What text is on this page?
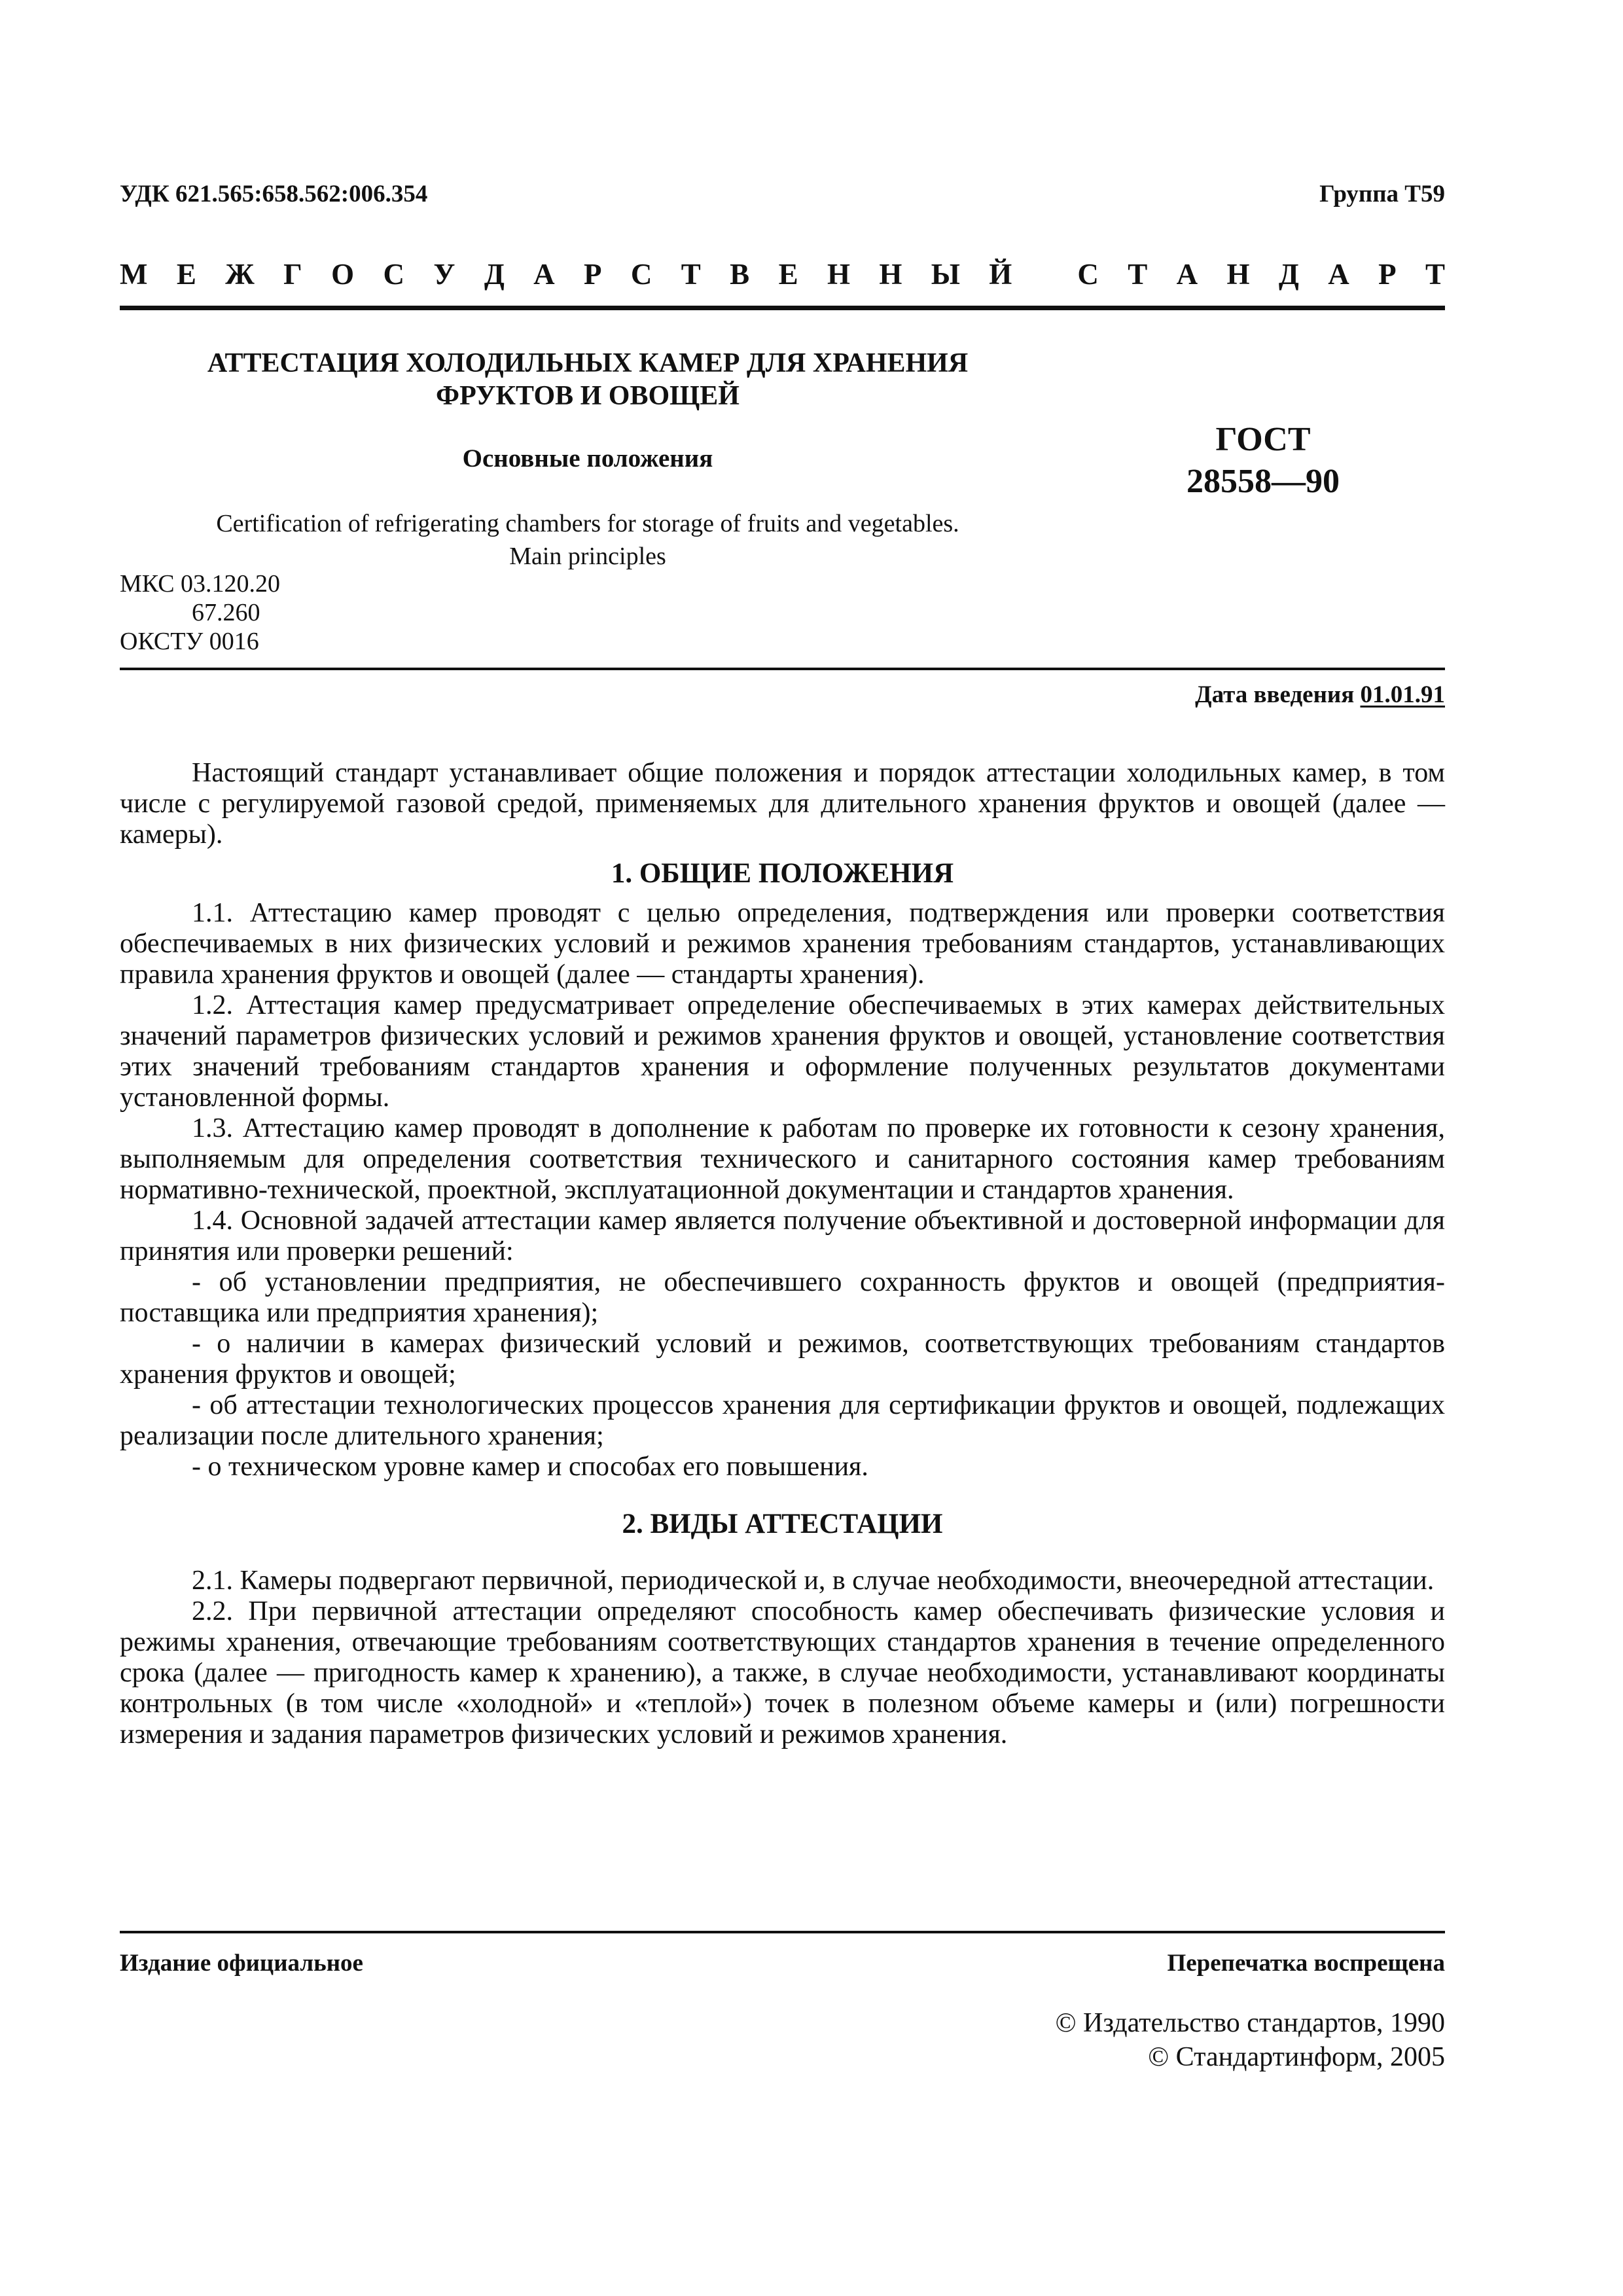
УДК 621.565:658.562:006.354	Группа Т59
М Е Ж Г О С У Д А Р С Т В Е Н Н Ы Й
С Т А Н Д А Р Т
АТТЕСТАЦИЯ ХОЛОДИЛЬНЫХ КАМЕР ДЛЯ ХРАНЕНИЯ
ФРУКТОВ И ОВОЩЕЙ
Основные положения
ГОСТ
28558—90
Certification of refrigerating chambers for storage of fruits and vegetables.
Main principles
МКС 03.120.20
67.260
ОКСТУ 0016
Дата введения 01.01.91

Настоящий стандарт устанавливает общие положения и порядок аттестации холодильных камер, в том числе с регулируемой газовой средой, применяемых для длительного хранения фруктов и овощей (далее — камеры).

1. ОБЩИЕ ПОЛОЖЕНИЯ

1.1. Аттестацию камер проводят с целью определения, подтверждения или проверки соответствия обеспечиваемых в них физических условий и режимов хранения требованиям стандартов, устанавливающих правила хранения фруктов и овощей (далее — стандарты хранения).

1.2. Аттестация камер предусматривает определение обеспечиваемых в этих камерах действительных значений параметров физических условий и режимов хранения фруктов и овощей, установление соответствия этих значений требованиям стандартов хранения и оформление полученных результатов документами установленной формы.

1.3. Аттестацию камер проводят в дополнение к работам по проверке их готовности к сезону хранения, выполняемым для определения соответствия технического и санитарного состояния камер требованиям нормативно-технической, проектной, эксплуатационной документации и стандартов хранения.

1.4. Основной задачей аттестации камер является получение объективной и достоверной информации для принятия или проверки решений:

- об установлении предприятия, не обеспечившего сохранность фруктов и овощей (предприятия-поставщика или предприятия хранения);

- о наличии в камерах физический условий и режимов, соответствующих требованиям стандартов хранения фруктов и овощей;

- об аттестации технологических процессов хранения для сертификации фруктов и овощей, подлежащих реализации после длительного хранения;

- о техническом уровне камер и способах его повышения.

2. ВИДЫ АТТЕСТАЦИИ

2.1. Камеры подвергают первичной, периодической и, в случае необходимости, внеочередной аттестации.

2.2. При первичной аттестации определяют способность камер обеспечивать физические условия и режимы хранения, отвечающие требованиям соответствующих стандартов хранения в течение определенного срока (далее — пригодность камер к хранению), а также, в случае необходимости, устанавливают координаты контрольных (в том числе «холодной» и «теплой») точек в полезном объеме камеры и (или) погрешности измерения и задания параметров физических условий и режимов хранения.

Издание официальное	Перепечатка воспрещена
© Издательство стандартов, 1990
© Стандартинформ, 2005
